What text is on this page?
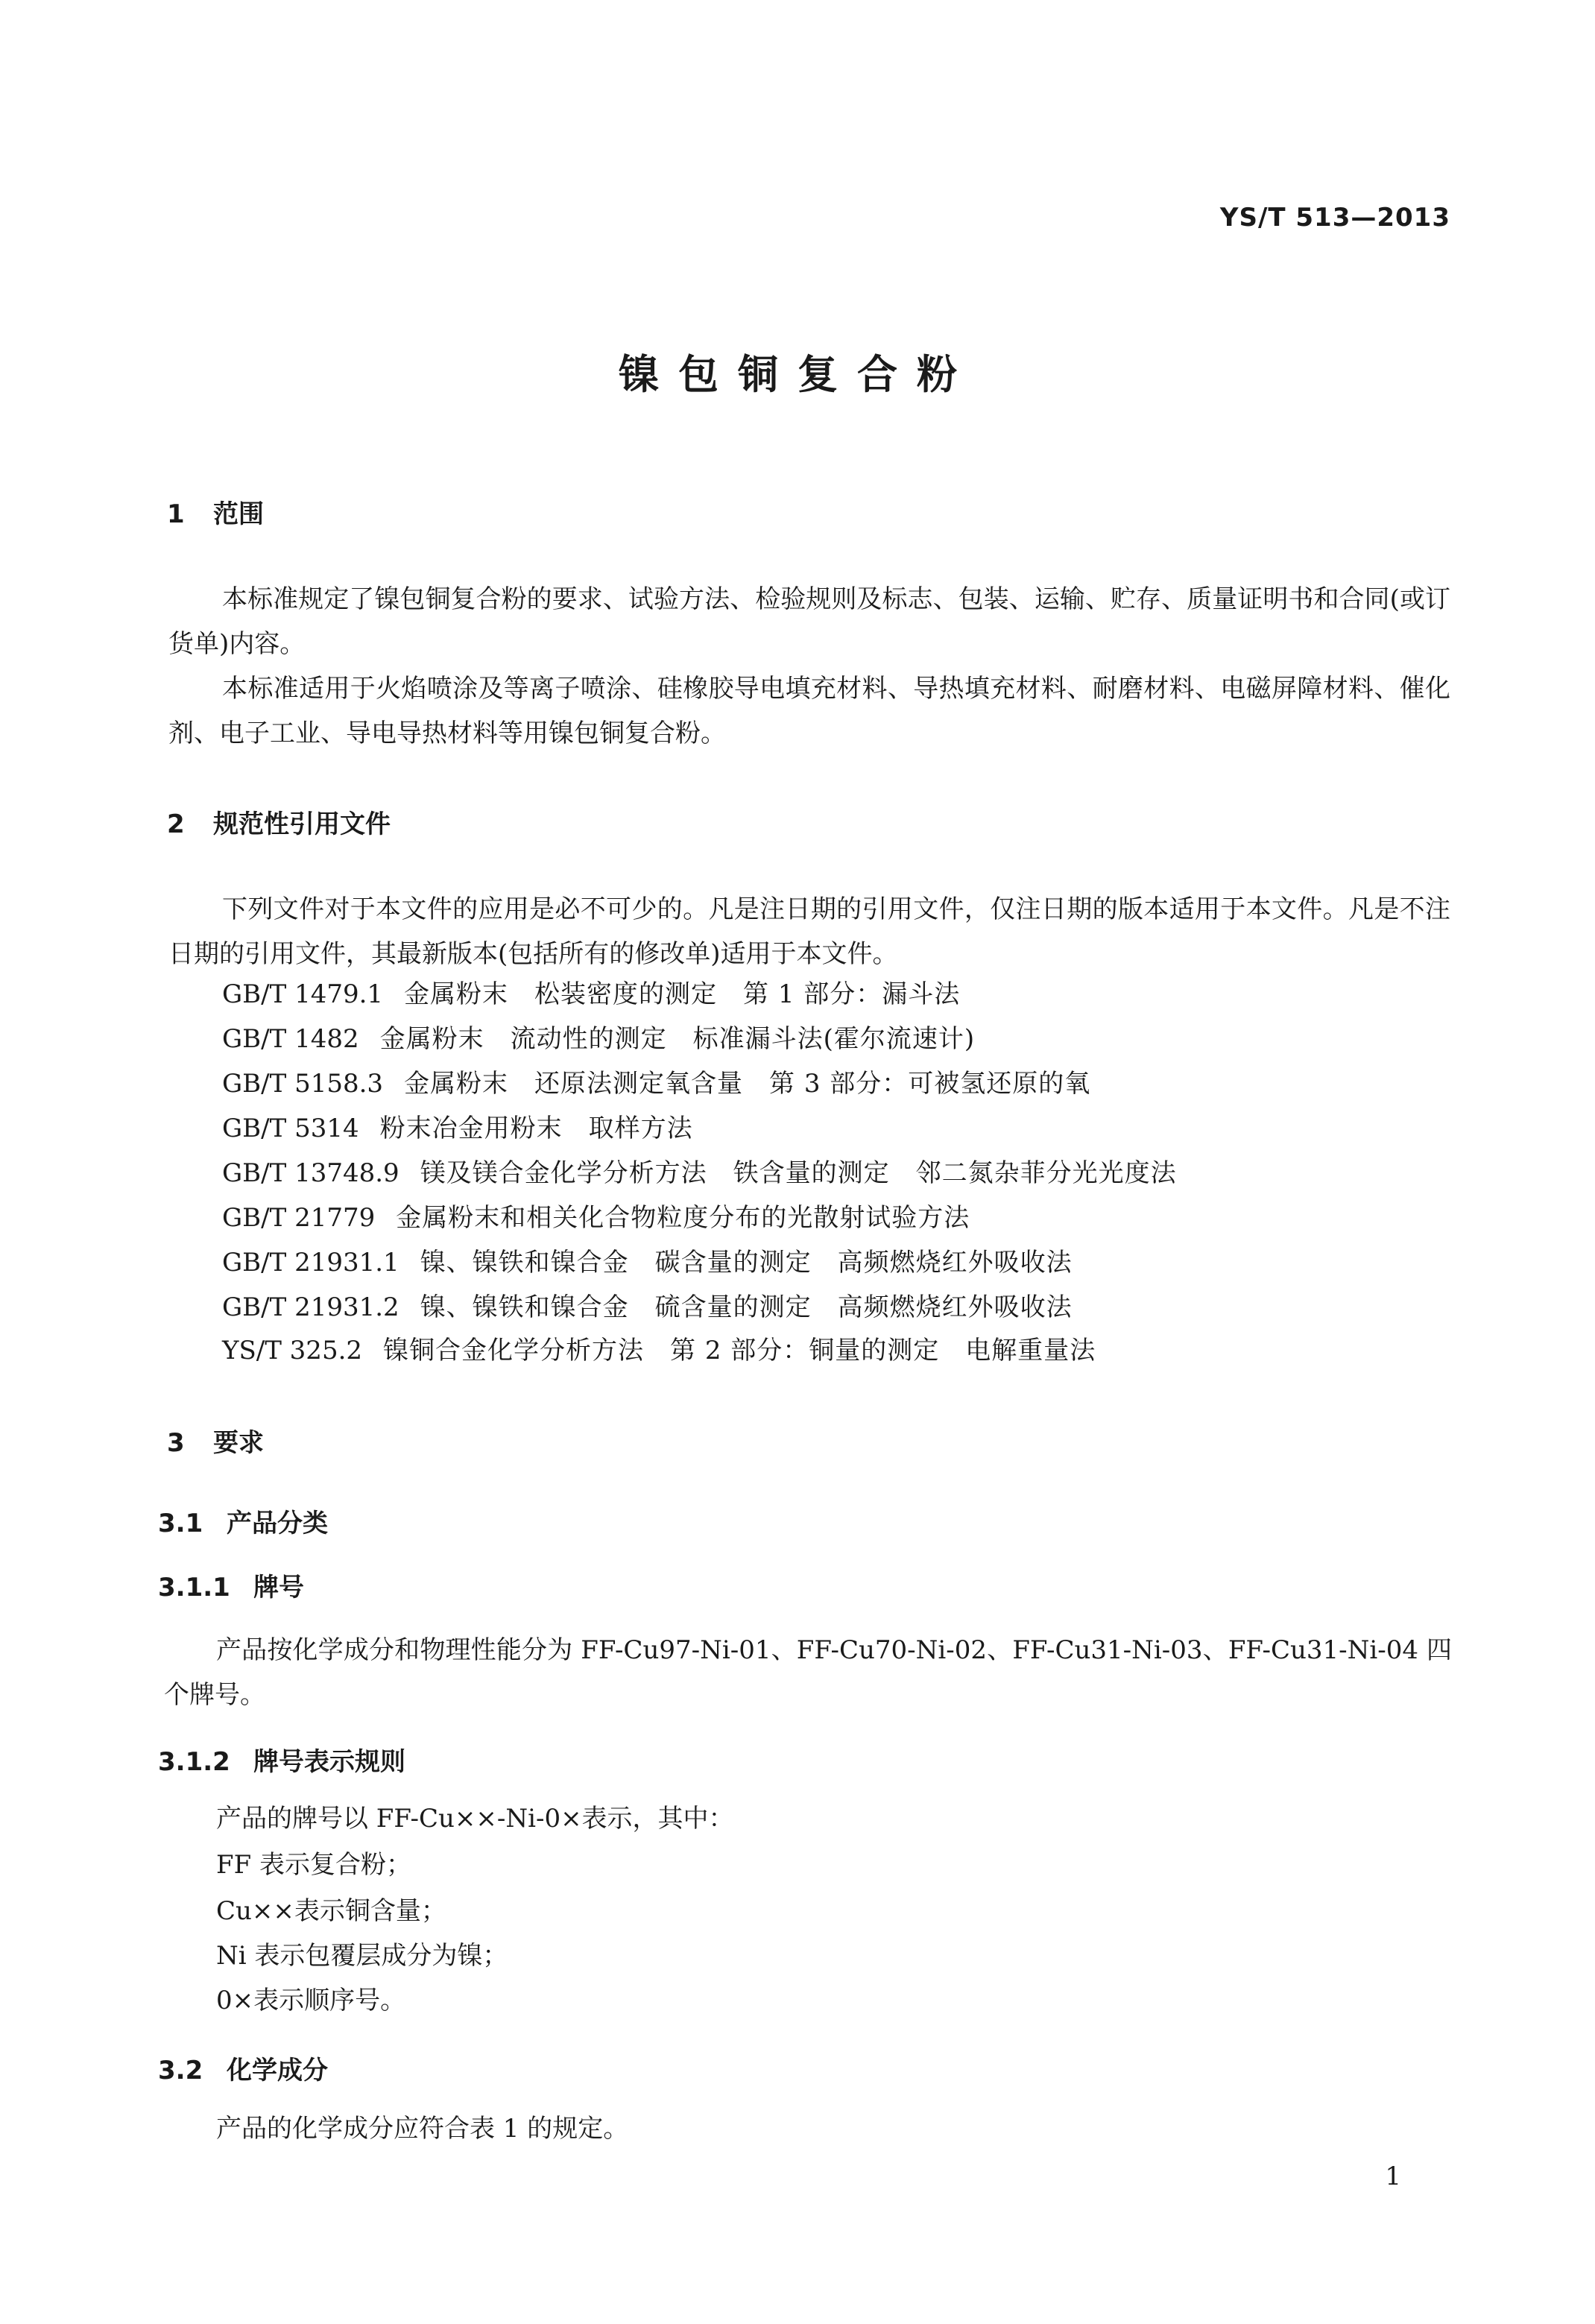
YS/T 513—2013
镍包铜复合粉
1 范围
本标准规定了镍包铜复合粉的要求、试验方法、检验规则及标志、包装、运输、贮存、质量证明书和合同(或订货单)内容。
本标准适用于火焰喷涂及等离子喷涂、硅橡胶导电填充材料、导热填充材料、耐磨材料、电磁屏障材料、催化剂、电子工业、导电导热材料等用镍包铜复合粉。
2 规范性引用文件
下列文件对于本文件的应用是必不可少的。凡是注日期的引用文件，仅注日期的版本适用于本文件。凡是不注日期的引用文件，其最新版本(包括所有的修改单)适用于本文件。
GB/T 1479.1 金属粉末　松装密度的测定　第 1 部分：漏斗法
GB/T 1482 金属粉末　流动性的测定　标准漏斗法(霍尔流速计)
GB/T 5158.3 金属粉末　还原法测定氧含量　第 3 部分：可被氢还原的氧
GB/T 5314 粉末冶金用粉末　取样方法
GB/T 13748.9 镁及镁合金化学分析方法　铁含量的测定　邻二氮杂菲分光光度法
GB/T 21779 金属粉末和相关化合物粒度分布的光散射试验方法
GB/T 21931.1 镍、镍铁和镍合金　碳含量的测定　高频燃烧红外吸收法
GB/T 21931.2 镍、镍铁和镍合金　硫含量的测定　高频燃烧红外吸收法
YS/T 325.2 镍铜合金化学分析方法　第 2 部分：铜量的测定　电解重量法
3 要求
3.1 产品分类
3.1.1 牌号
产品按化学成分和物理性能分为 FF-Cu97-Ni-01、FF-Cu70-Ni-02、FF-Cu31-Ni-03、FF-Cu31-Ni-04 四个牌号。
3.1.2 牌号表示规则
产品的牌号以 FF-Cu××-Ni-0×表示，其中：
FF 表示复合粉；
Cu××表示铜含量；
Ni 表示包覆层成分为镍；
0×表示顺序号。
3.2 化学成分
产品的化学成分应符合表 1 的规定。
1
